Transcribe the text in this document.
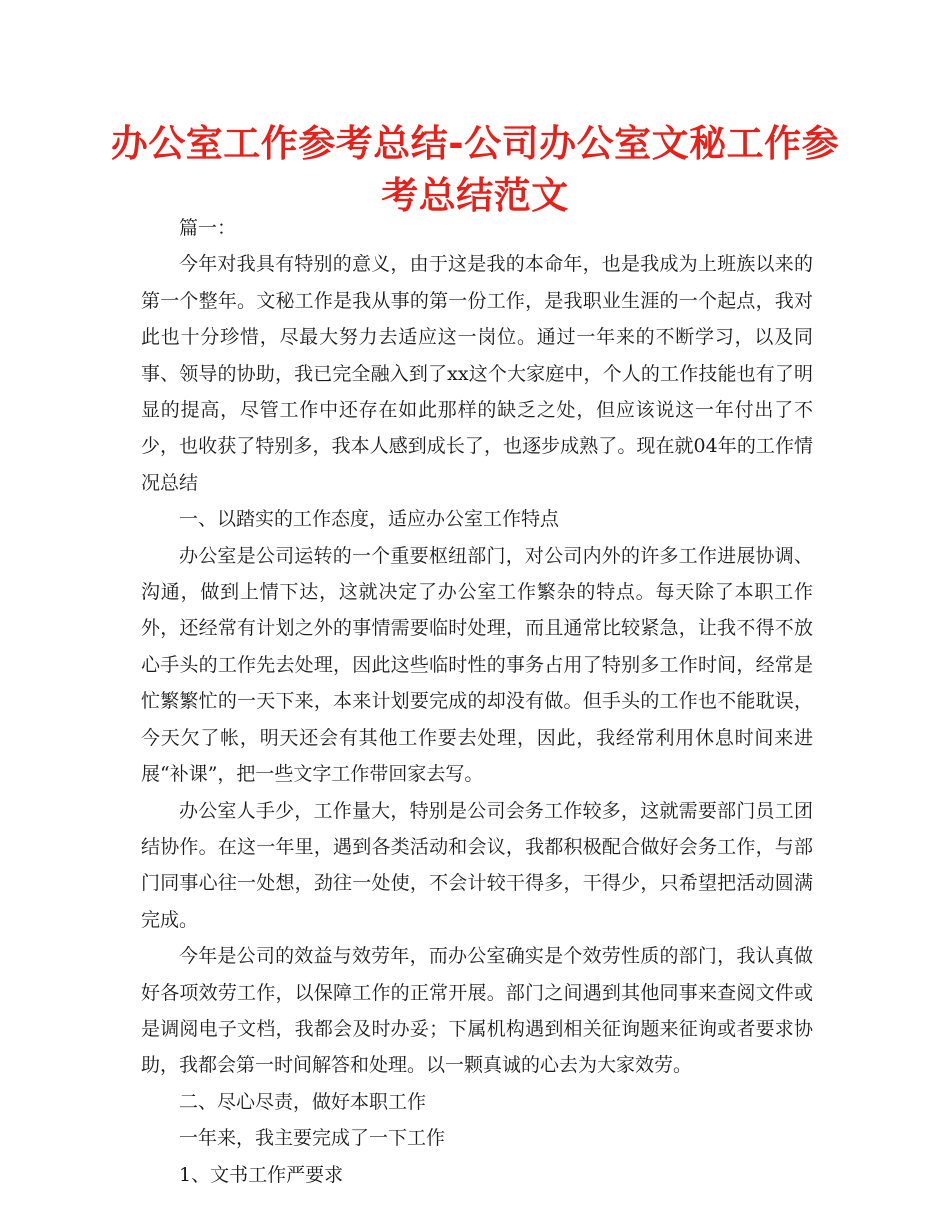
办公室工作参考总结-公司办公室文秘工作参考总结范文

篇一：

今年对我具有特别的意义，由于这是我的本命年，也是我成为上班族以来的第一个整年。文秘工作是我从事的第一份工作，是我职业生涯的一个起点，我对此也十分珍惜，尽最大努力去适应这一岗位。通过一年来的不断学习，以及同事、领导的协助，我已完全融入到了xx这个大家庭中，个人的工作技能也有了明显的提高，尽管工作中还存在如此那样的缺乏之处，但应该说这一年付出了不少，也收获了特别多，我本人感到成长了，也逐步成熟了。现在就04年的工作情况总结

一、以踏实的工作态度，适应办公室工作特点

办公室是公司运转的一个重要枢纽部门，对公司内外的许多工作进展协调、沟通，做到上情下达，这就决定了办公室工作繁杂的特点。每天除了本职工作外，还经常有计划之外的事情需要临时处理，而且通常比较紧急，让我不得不放心手头的工作先去处理，因此这些临时性的事务占用了特别多工作时间，经常是忙繁繁忙的一天下来，本来计划要完成的却没有做。但手头的工作也不能耽误，今天欠了帐，明天还会有其他工作要去处理，因此，我经常利用休息时间来进展“补课”，把一些文字工作带回家去写。

办公室人手少，工作量大，特别是公司会务工作较多，这就需要部门员工团结协作。在这一年里，遇到各类活动和会议，我都积极配合做好会务工作，与部门同事心往一处想，劲往一处使，不会计较干得多，干得少，只希望把活动圆满完成。

今年是公司的效益与效劳年，而办公室确实是个效劳性质的部门，我认真做好各项效劳工作，以保障工作的正常开展。部门之间遇到其他同事来查阅文件或是调阅电子文档，我都会及时办妥；下属机构遇到相关征询题来征询或者要求协助，我都会第一时间解答和处理。以一颗真诚的心去为大家效劳。

二、尽心尽责，做好本职工作

一年来，我主要完成了一下工作

1、文书工作严要求
